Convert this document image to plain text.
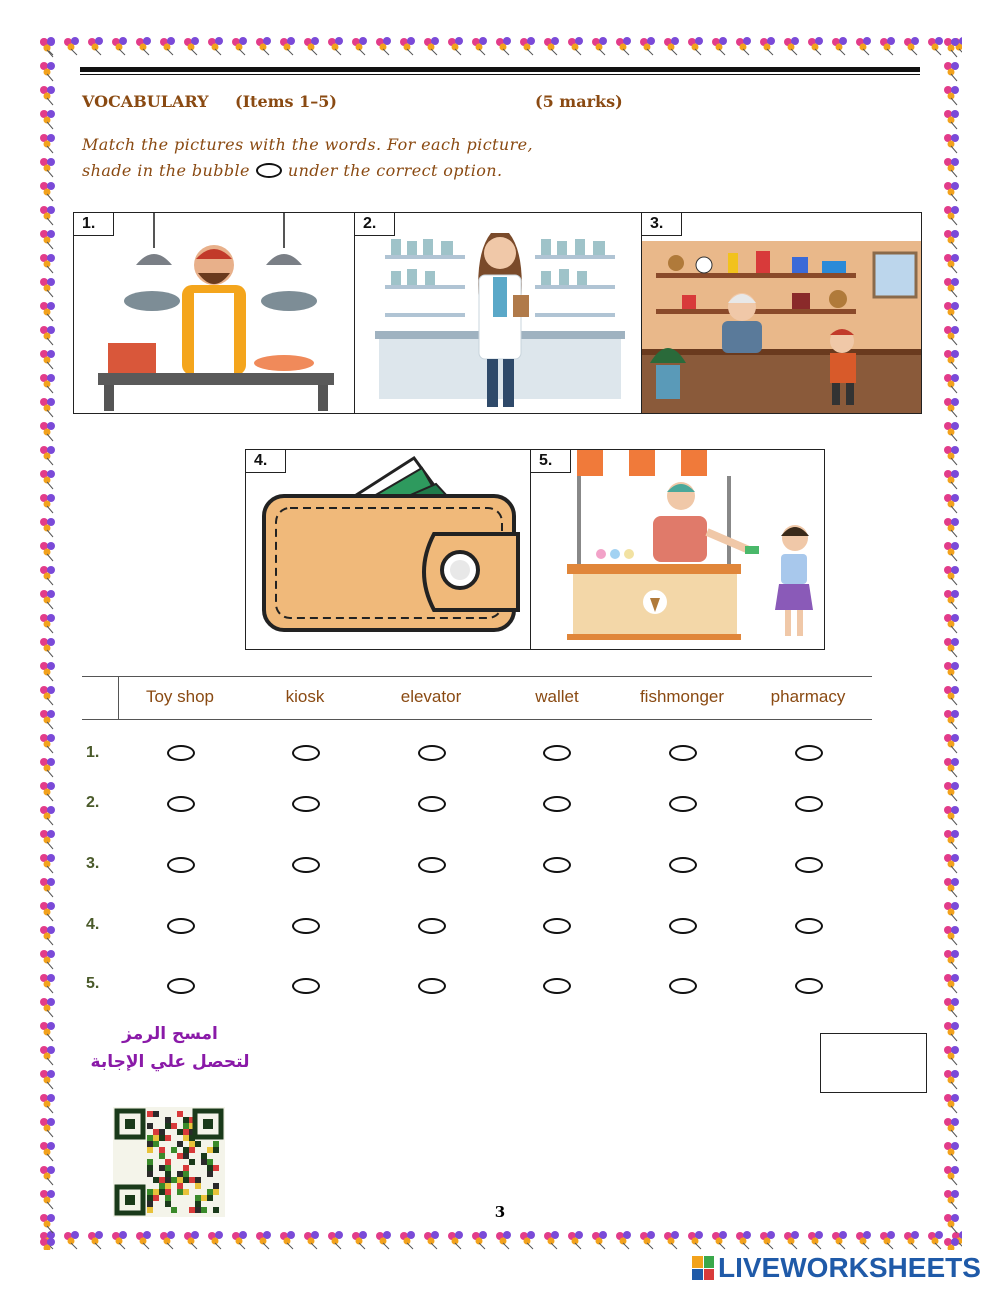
VOCABULARY (Items 1–5)	(5 marks)
Match the pictures with the words. For each picture,
shade in the bubble under the correct option.
1.	2.	3.
4.	5.
Toy shop	kiosk	elevator	wallet	fishmonger	pharmacy
1.
2.
3.
4.
5.
امسح الرمز
لتحصل علي الإجابة
3
LIVEWORKSHEETS
